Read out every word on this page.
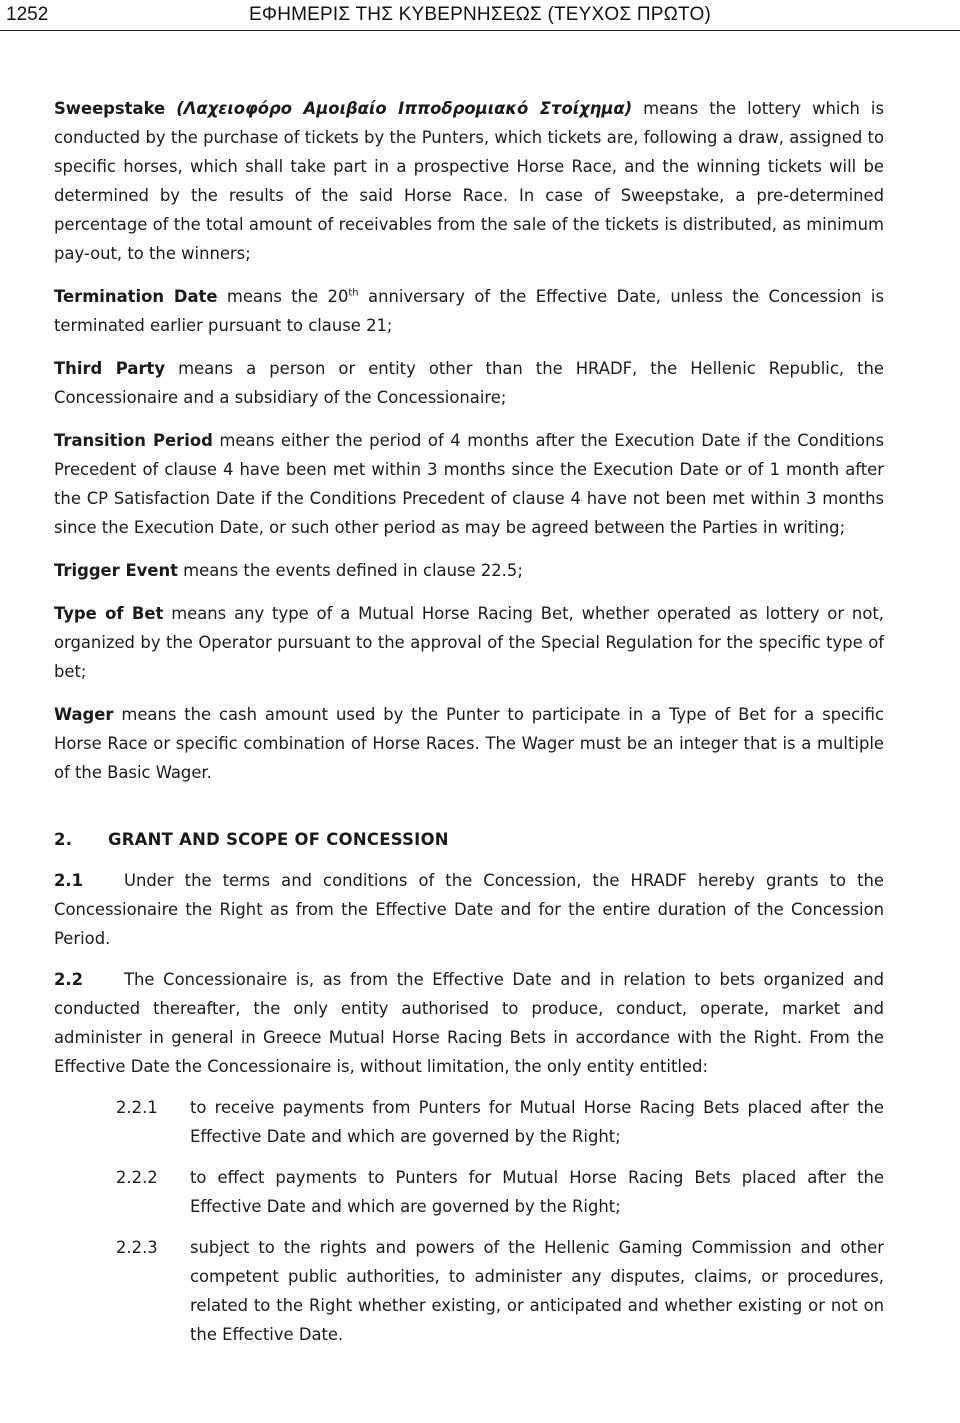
1252	ΕΦΗΜΕΡΙΣ ΤΗΣ ΚΥΒΕΡΝΗΣΕΩΣ (ΤΕΥΧΟΣ ΠΡΩΤΟ)

Sweepstake (Λαχειοφόρο Αμοιβαίο Ιπποδρομιακό Στοίχημα) means the lottery which is conducted by the purchase of tickets by the Punters, which tickets are, following a draw, assigned to specific horses, which shall take part in a prospective Horse Race, and the winning tickets will be determined by the results of the said Horse Race. In case of Sweepstake, a pre-determined percentage of the total amount of receivables from the sale of the tickets is distributed, as minimum pay-out, to the winners;

Termination Date means the 20th anniversary of the Effective Date, unless the Concession is terminated earlier pursuant to clause 21;

Third Party means a person or entity other than the HRADF, the Hellenic Republic, the Concessionaire and a subsidiary of the Concessionaire;

Transition Period means either the period of 4 months after the Execution Date if the Conditions Precedent of clause 4 have been met within 3 months since the Execution Date or of 1 month after the CP Satisfaction Date if the Conditions Precedent of clause 4 have not been met within 3 months since the Execution Date, or such other period as may be agreed between the Parties in writing;

Trigger Event means the events defined in clause 22.5;

Type of Bet means any type of a Mutual Horse Racing Bet, whether operated as lottery or not, organized by the Operator pursuant to the approval of the Special Regulation for the specific type of bet;

Wager means the cash amount used by the Punter to participate in a Type of Bet for a specific Horse Race or specific combination of Horse Races. The Wager must be an integer that is a multiple of the Basic Wager.

2. GRANT AND SCOPE OF CONCESSION

2.1 Under the terms and conditions of the Concession, the HRADF hereby grants to the Concessionaire the Right as from the Effective Date and for the entire duration of the Concession Period.

2.2 The Concessionaire is, as from the Effective Date and in relation to bets organized and conducted thereafter, the only entity authorised to produce, conduct, operate, market and administer in general in Greece Mutual Horse Racing Bets in accordance with the Right. From the Effective Date the Concessionaire is, without limitation, the only entity entitled:

2.2.1	to receive payments from Punters for Mutual Horse Racing Bets placed after the Effective Date and which are governed by the Right;
2.2.2	to effect payments to Punters for Mutual Horse Racing Bets placed after the Effective Date and which are governed by the Right;
2.2.3	subject to the rights and powers of the Hellenic Gaming Commission and other competent public authorities, to administer any disputes, claims, or procedures, related to the Right whether existing, or anticipated and whether existing or not on the Effective Date.
